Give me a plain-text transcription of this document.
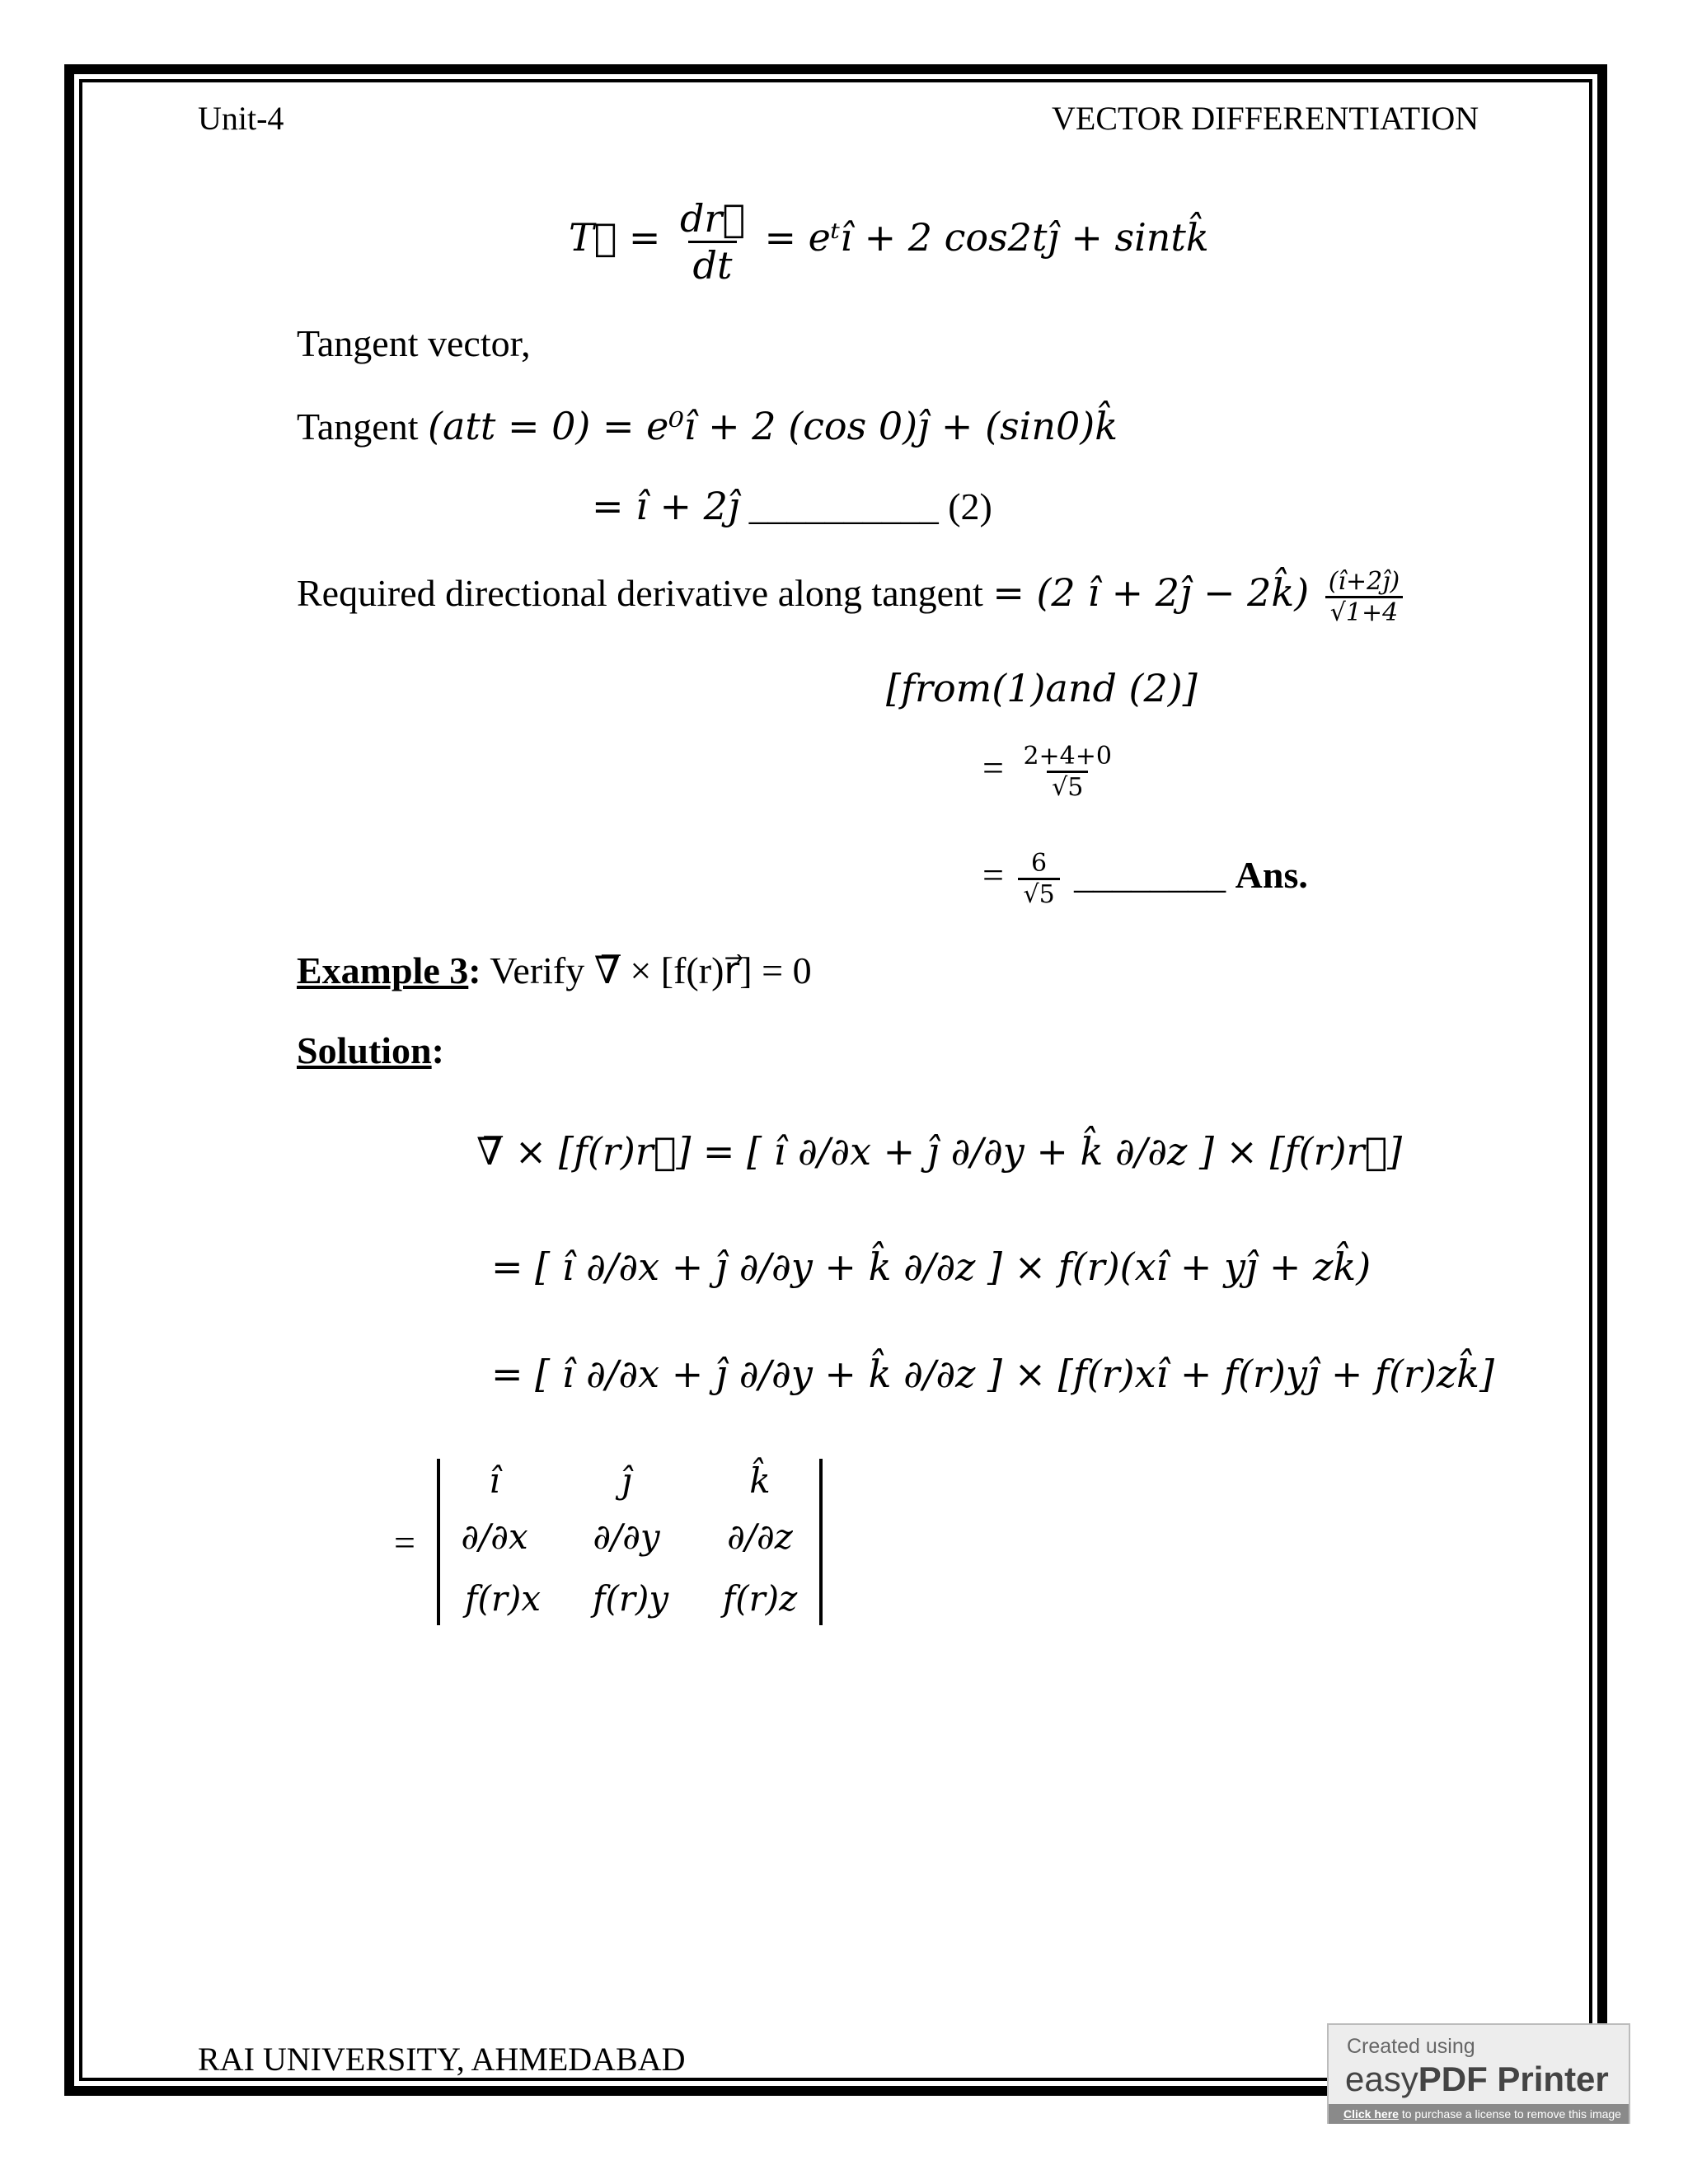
Unit-4	VECTOR DIFFERENTIATION
T⃗ = $\frac{dr⃗}{dt}$ = eᵗî + 2 cos2tĵ + sintk̂
Tangent vector,
Tangent (att = 0) = e⁰î + 2 (cos 0)ĵ + (sin0)k̂
= î + 2ĵ __________ (2)
Required directional derivative along tangent = (2 î + 2ĵ − 2k̂) $\frac{(î+2ĵ)}{√1+4}$
[from(1)and (2)]
= $\frac{2+4+0}{√5}$
= $\frac{6}{√5}$ ________ Ans.
Example 3: Verify ∇̅ × [f(r)r⃗] = 0
Solution:
∇̅ × [f(r)r⃗] = [ î ∂/∂x + ĵ ∂/∂y + k̂ ∂/∂z ] × [f(r)r⃗]
= [ î ∂/∂x + ĵ ∂/∂y + k̂ ∂/∂z ] × f(r)(xî + yĵ + zk̂)
= [ î ∂/∂x + ĵ ∂/∂y + k̂ ∂/∂z ] × [f(r)xî + f(r)yĵ + f(r)zk̂]
=
î	ĵ	k̂
∂/∂x	∂/∂y	∂/∂z
f(r)x	f(r)y	f(r)z
RAI UNIVERSITY, AHMEDABAD	Created using
easyPDF Printer
Click here to purchase a license to remove this image
